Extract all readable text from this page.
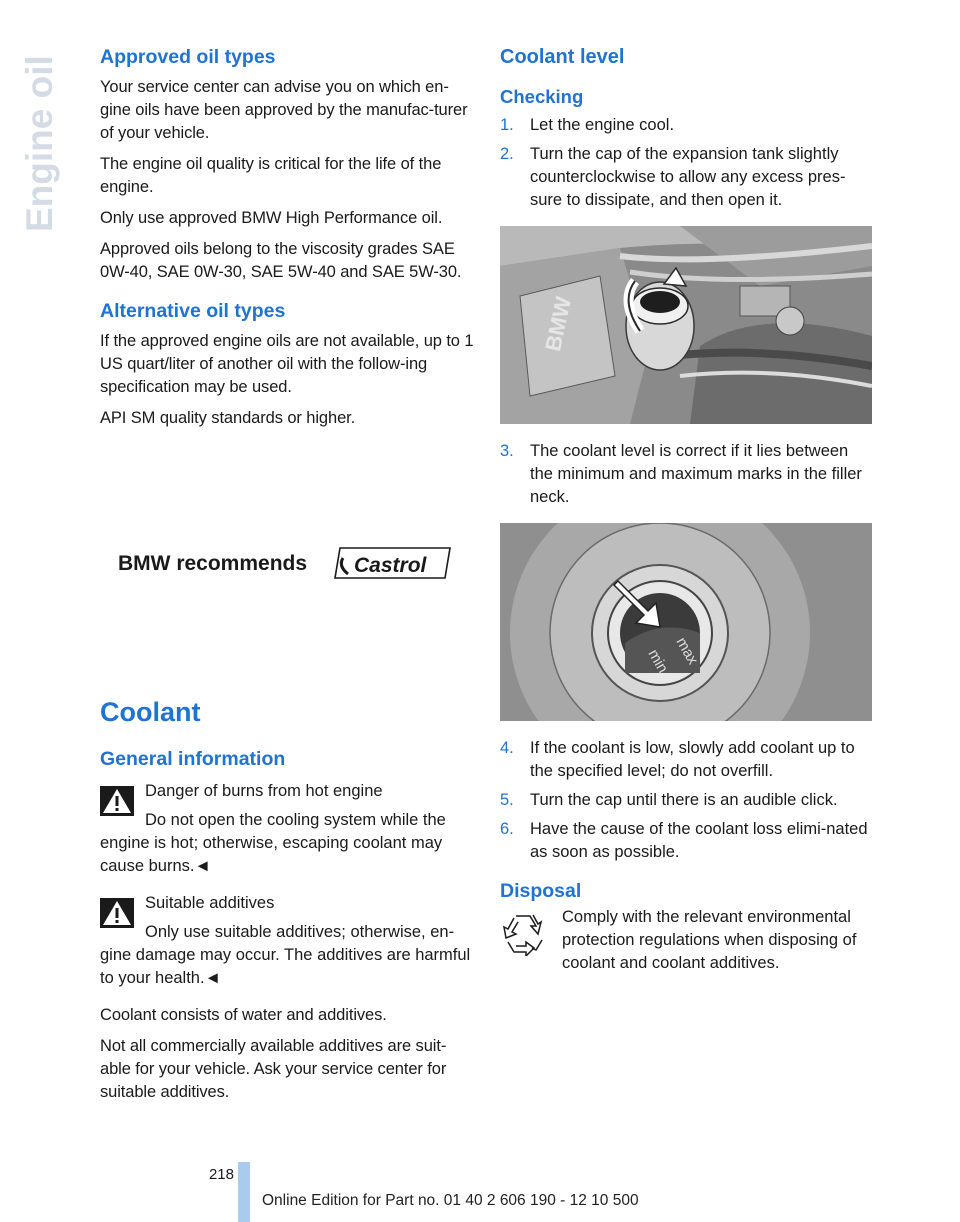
Engine oil Approved oil types

Your service center can advise you on which en-gine oils have been approved by the manufac-turer of your vehicle.

The engine oil quality is critical for the life of the engine.

Only use approved BMW High Performance oil.

Approved oils belong to the viscosity grades SAE 0W-40, SAE 0W-30, SAE 5W-40 and SAE 5W-30.

Alternative oil types

If the approved engine oils are not available, up to 1 US quart/liter of another oil with the follow-ing specification may be used.

API SM quality standards or higher.

Coolant
General information

Danger of burns from hot engine

Do not open the cooling system while the engine is hot; otherwise, escaping coolant may cause burns.◄

Suitable additives

Only use suitable additives; otherwise, en-gine damage may occur. The additives are harmful to your health.◄

Coolant consists of water and additives.

Not all commercially available additives are suit-able for your vehicle. Ask your service center for suitable additives.

BMW recommends Castrol
Coolant level
Checking
1. Let the engine cool.
2. Turn the cap of the expansion tank slightly counterclockwise to allow any excess pres-sure to dissipate, and then open it.
BMW
3. The coolant level is correct if it lies between the minimum and maximum marks in the filler neck.
max
min
4. If the coolant is low, slowly add coolant up to the specified level; do not overfill.
5. Turn the cap until there is an audible click.
6. Have the cause of the coolant loss elimi-nated as soon as possible.
Disposal

Comply with the relevant environmental protection regulations when disposing of coolant and coolant additives.

218
Online Edition for Part no. 01 40 2 606 190 - 12 10 500
